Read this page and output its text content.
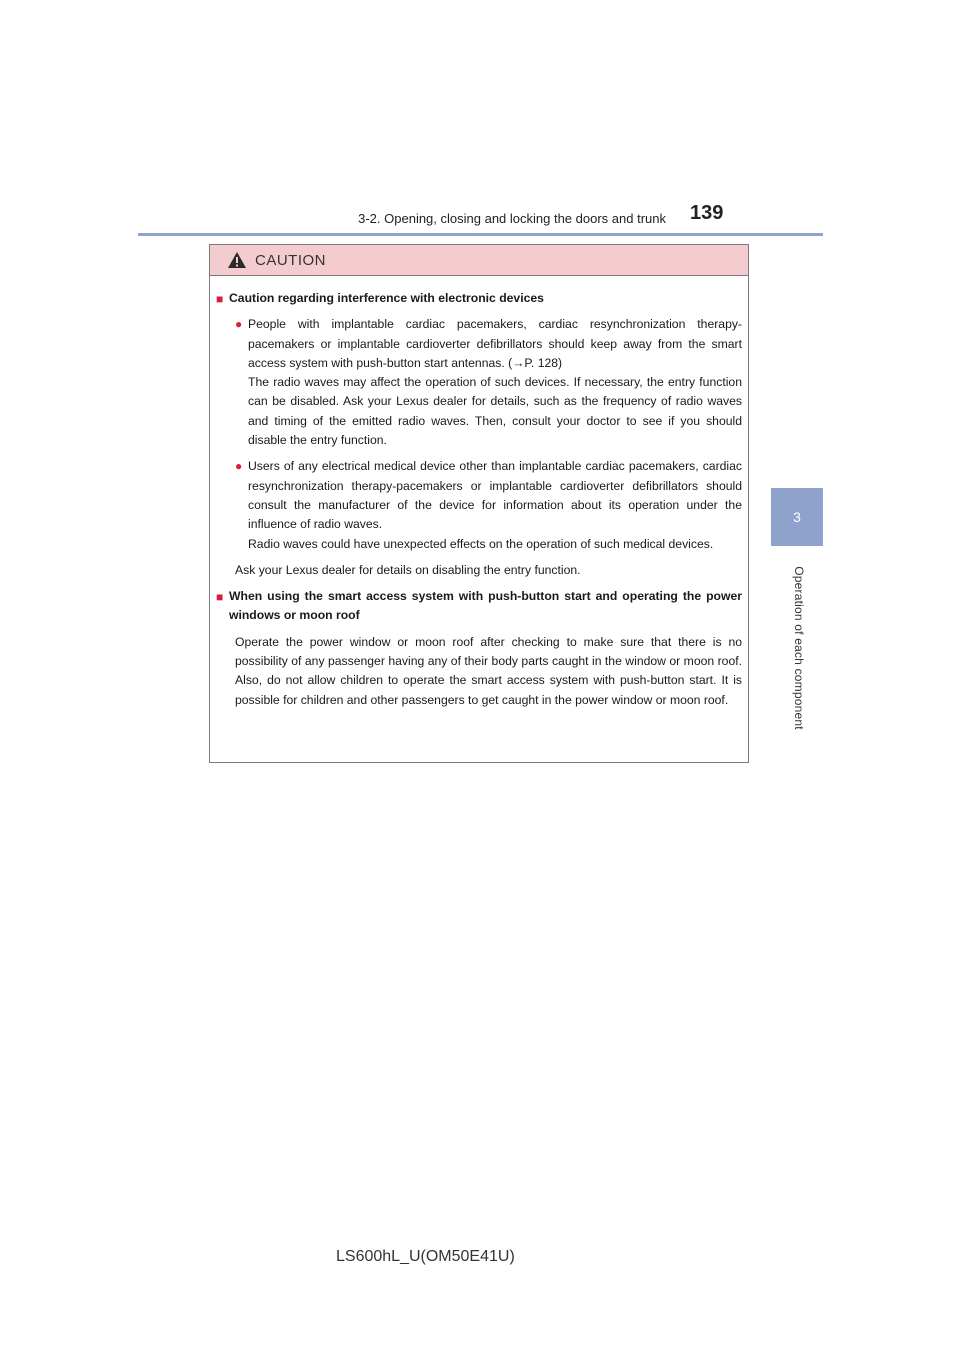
3-2. Opening, closing and locking the doors and trunk 139
3
Operation of each component
CAUTION
■ Caution regarding interference with electronic devices
● People with implantable cardiac pacemakers, cardiac resynchronization therapy-pacemakers or implantable cardioverter defibrillators should keep away from the smart access system with push-button start antennas. (→P. 128)
The radio waves may affect the operation of such devices. If necessary, the entry function can be disabled. Ask your Lexus dealer for details, such as the frequency of radio waves and timing of the emitted radio waves. Then, consult your doctor to see if you should disable the entry function.
● Users of any electrical medical device other than implantable cardiac pacemakers, cardiac resynchronization therapy-pacemakers or implantable cardioverter defibrillators should consult the manufacturer of the device for information about its operation under the influence of radio waves.
Radio waves could have unexpected effects on the operation of such medical devices.
Ask your Lexus dealer for details on disabling the entry function.
■ When using the smart access system with push-button start and operating the power windows or moon roof
Operate the power window or moon roof after checking to make sure that there is no possibility of any passenger having any of their body parts caught in the window or moon roof. Also, do not allow children to operate the smart access system with push-button start. It is possible for children and other passengers to get caught in the power window or moon roof.
LS600hL_U(OM50E41U)
